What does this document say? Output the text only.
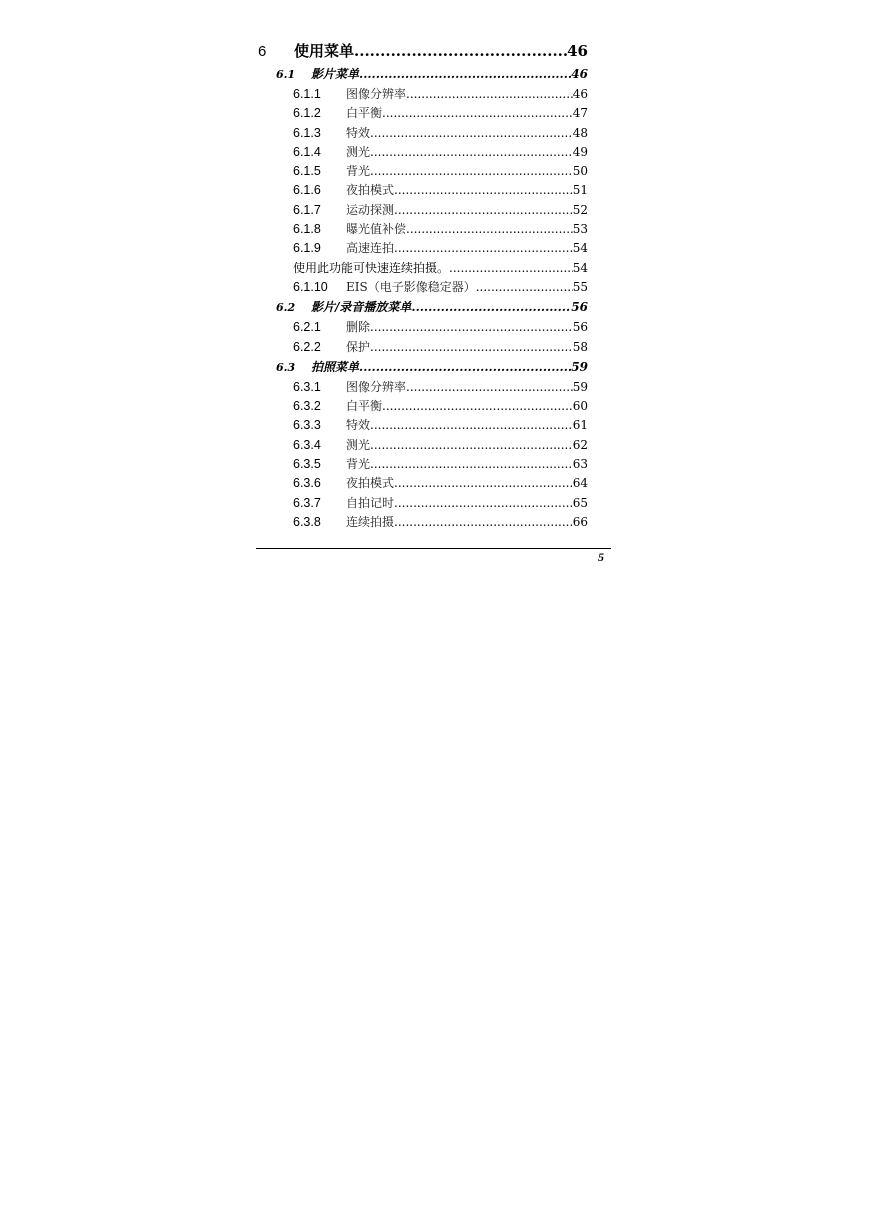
6	使用菜单 .....	46
6.1	影片菜单 .....	46
6.1.1	图像分辨率 .....	46
6.1.2	白平衡 .....	47
6.1.3	特效 .....	48
6.1.4	测光 .....	49
6.1.5	背光 .....	50
6.1.6	夜拍模式 .....	51
6.1.7	运动探测 .....	52
6.1.8	曝光值补偿 .....	53
6.1.9	高速连拍 .....	54
使用此功能可快速连续拍摄。 .....	54
6.1.10	EIS（电子影像稳定器） .....	55
6.2	影片/录音播放菜单 .....	56
6.2.1	删除 .....	56
6.2.2	保护 .....	58
6.3	拍照菜单 .....	59
6.3.1	图像分辨率 .....	59
6.3.2	白平衡 .....	60
6.3.3	特效 .....	61
6.3.4	测光 .....	62
6.3.5	背光 .....	63
6.3.6	夜拍模式 .....	64
6.3.7	自拍记时 .....	65
6.3.8	连续拍摄 .....	66
5
